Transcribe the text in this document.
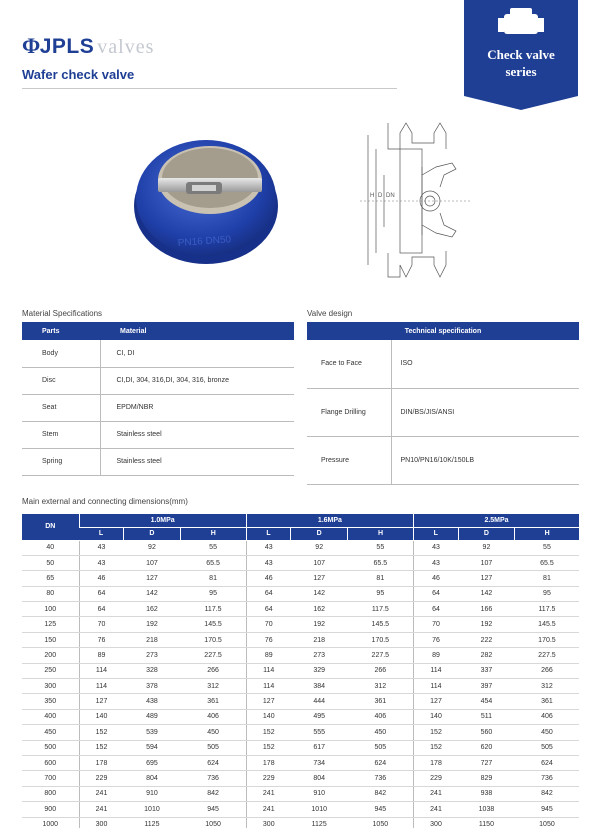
Φ JPLS valves
Wafer check valve
Check valve
series
PN16 DN50
H D DN
Material Specifications
Parts	Material
Body	CI, DI
Disc	CI,DI, 304, 316,DI, 304, 316, bronze
Seat	EPDM/NBR
Stem	Stainless steel
Spring	Stainless steel
Valve design
Technical specification	
Face to Face	ISO
Flange Drilling	DIN/BS/JIS/ANSI
Pressure	PN10/PN16/10K/150LB
Main external and connecting dimensions(mm)
DN	1.0MPa			1.6MPa			2.5MPa		
	L	D	H	L	D	H	L	D	H
40	43	92	55	43	92	55	43	92	55
50	43	107	65.5	43	107	65.5	43	107	65.5
65	46	127	81	46	127	81	46	127	81
80	64	142	95	64	142	95	64	142	95
100	64	162	117.5	64	162	117.5	64	166	117.5
125	70	192	145.5	70	192	145.5	70	192	145.5
150	76	218	170.5	76	218	170.5	76	222	170.5
200	89	273	227.5	89	273	227.5	89	282	227.5
250	114	328	266	114	329	266	114	337	266
300	114	378	312	114	384	312	114	397	312
350	127	438	361	127	444	361	127	454	361
400	140	489	406	140	495	406	140	511	406
450	152	539	450	152	555	450	152	560	450
500	152	594	505	152	617	505	152	620	505
600	178	695	624	178	734	624	178	727	624
700	229	804	736	229	804	736	229	829	736
800	241	910	842	241	910	842	241	938	842
900	241	1010	945	241	1010	945	241	1038	945
1000	300	1125	1050	300	1125	1050	300	1150	1050
